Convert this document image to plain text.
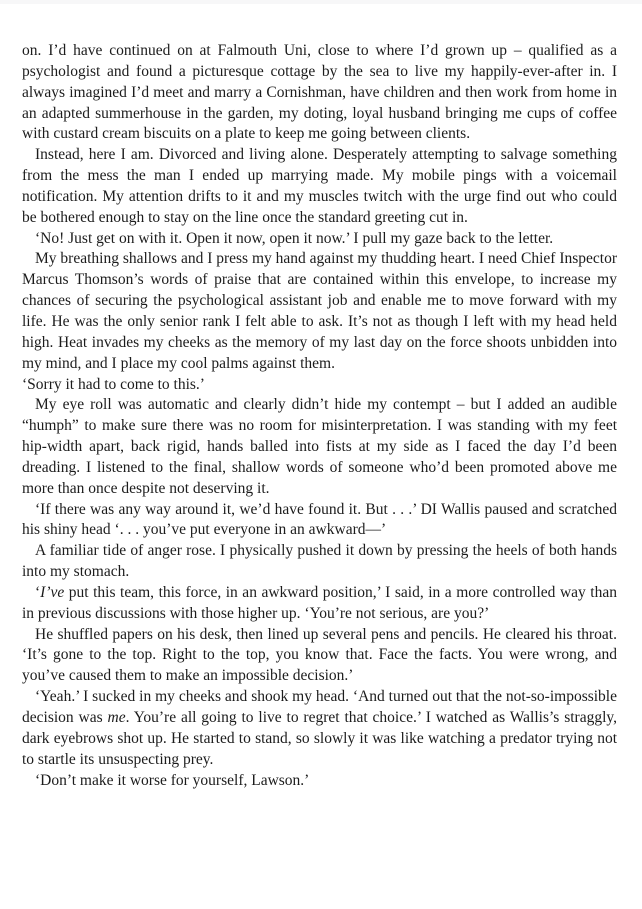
on. I’d have continued on at Falmouth Uni, close to where I’d grown up – qualified as a psychologist and found a picturesque cottage by the sea to live my happily-ever-after in. I always imagined I’d meet and marry a Cornishman, have children and then work from home in an adapted summerhouse in the garden, my doting, loyal husband bringing me cups of coffee with custard cream biscuits on a plate to keep me going between clients.

Instead, here I am. Divorced and living alone. Desperately attempting to salvage something from the mess the man I ended up marrying made. My mobile pings with a voicemail notification. My attention drifts to it and my muscles twitch with the urge find out who could be bothered enough to stay on the line once the standard greeting cut in.

‘No! Just get on with it. Open it now, open it now.’ I pull my gaze back to the letter.

My breathing shallows and I press my hand against my thudding heart. I need Chief Inspector Marcus Thomson’s words of praise that are contained within this envelope, to increase my chances of securing the psychological assistant job and enable me to move forward with my life. He was the only senior rank I felt able to ask. It’s not as though I left with my head held high. Heat invades my cheeks as the memory of my last day on the force shoots unbidden into my mind, and I place my cool palms against them.

‘Sorry it had to come to this.’

My eye roll was automatic and clearly didn’t hide my contempt – but I added an audible “humph” to make sure there was no room for misinterpretation. I was standing with my feet hip-width apart, back rigid, hands balled into fists at my side as I faced the day I’d been dreading. I listened to the final, shallow words of someone who’d been promoted above me more than once despite not deserving it.

‘If there was any way around it, we’d have found it. But . . .’ DI Wallis paused and scratched his shiny head ‘. . . you’ve put everyone in an awkward—’

A familiar tide of anger rose. I physically pushed it down by pressing the heels of both hands into my stomach.

‘I’ve put this team, this force, in an awkward position,’ I said, in a more controlled way than in previous discussions with those higher up. ‘You’re not serious, are you?’

He shuffled papers on his desk, then lined up several pens and pencils. He cleared his throat. ‘It’s gone to the top. Right to the top, you know that. Face the facts. You were wrong, and you’ve caused them to make an impossible decision.’

‘Yeah.’ I sucked in my cheeks and shook my head. ‘And turned out that the not-so-impossible decision was me. You’re all going to live to regret that choice.’ I watched as Wallis’s straggly, dark eyebrows shot up. He started to stand, so slowly it was like watching a predator trying not to startle its unsuspecting prey.

‘Don’t make it worse for yourself, Lawson.’
